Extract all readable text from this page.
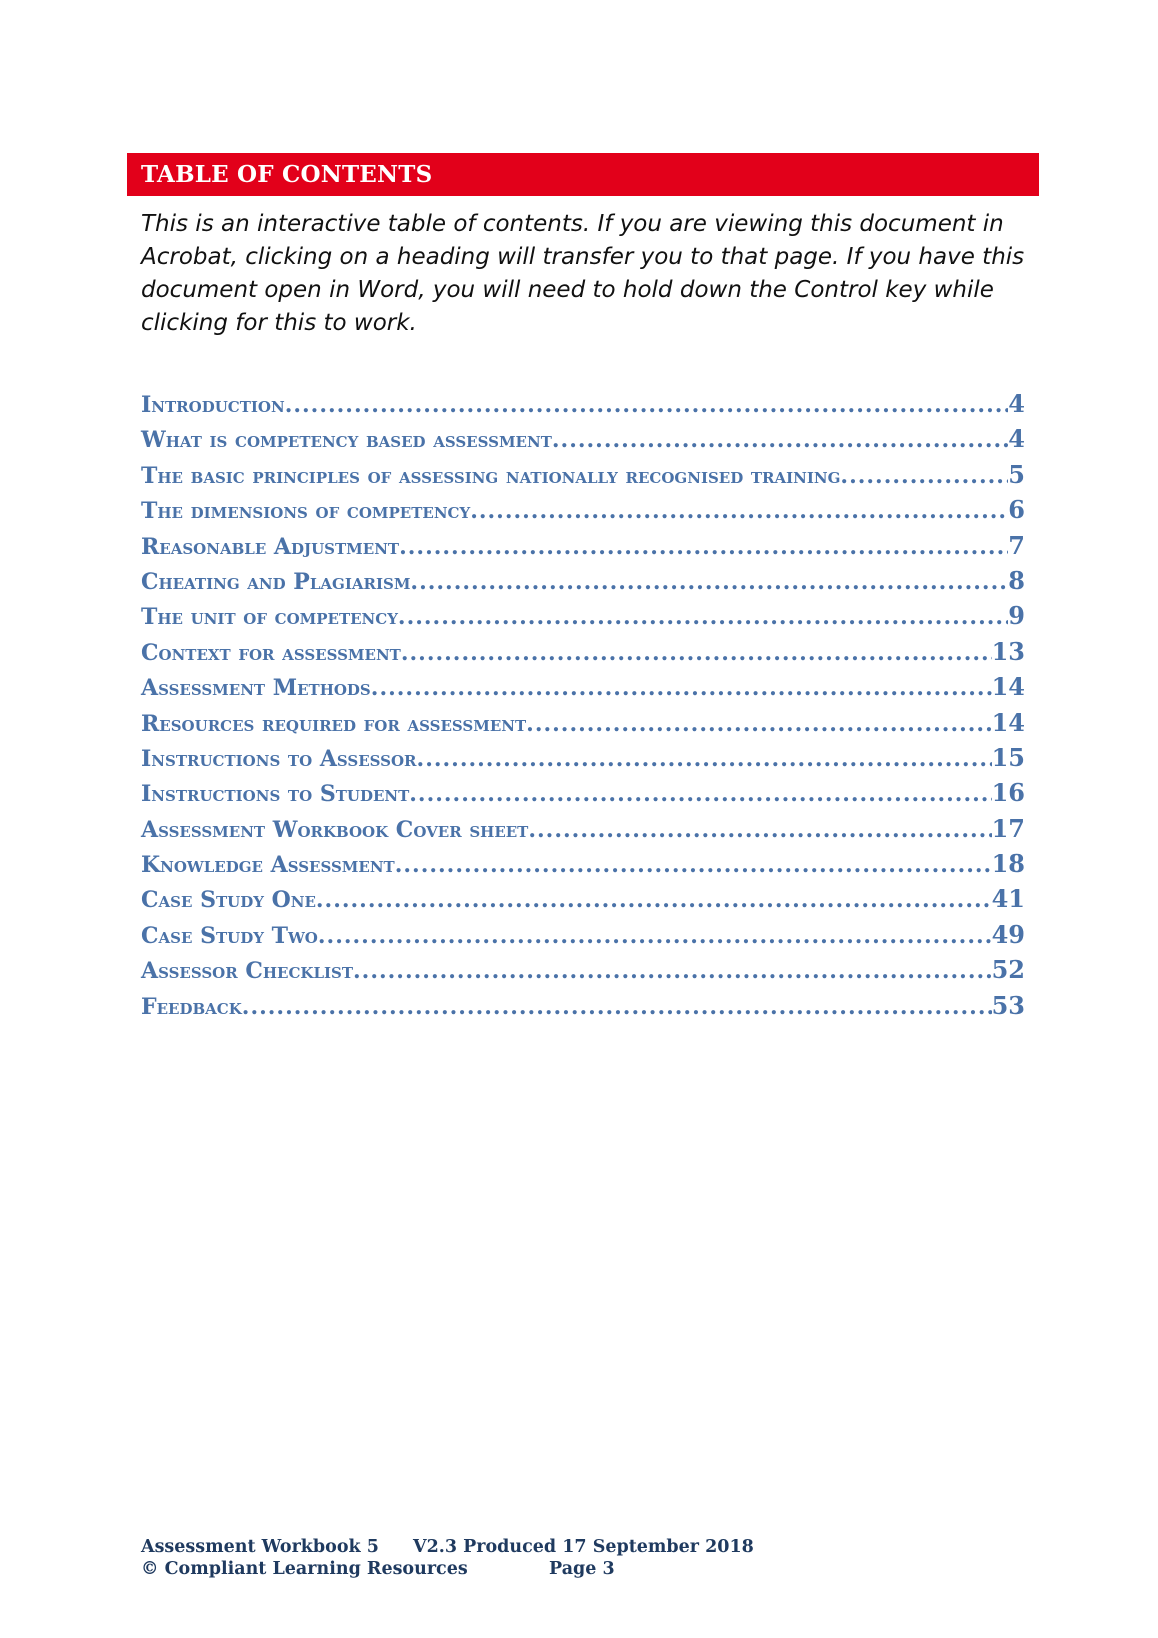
TABLE OF CONTENTS

This is an interactive table of contents. If you are viewing this document in Acrobat, clicking on a heading will transfer you to that page. If you have this document open in Word, you will need to hold down the Control key while clicking for this to work.

Introduction .....	4
What is competency based assessment .....	4
The basic principles of assessing nationally recognised training .....	5
The dimensions of competency .....	6
Reasonable Adjustment .....	7
Cheating and Plagiarism .....	8
The unit of competency .....	9
Context for assessment .....	13
Assessment Methods .....	14
Resources required for assessment .....	14
Instructions to Assessor .....	15
Instructions to Student .....	16
Assessment Workbook Cover sheet .....	17
Knowledge Assessment .....	18
Case Study One .....	41
Case Study Two .....	49
Assessor Checklist .....	52
Feedback .....	53
Assessment Workbook 5	V2.3 Produced 17 September 2018
© Compliant Learning Resources	Page 3
